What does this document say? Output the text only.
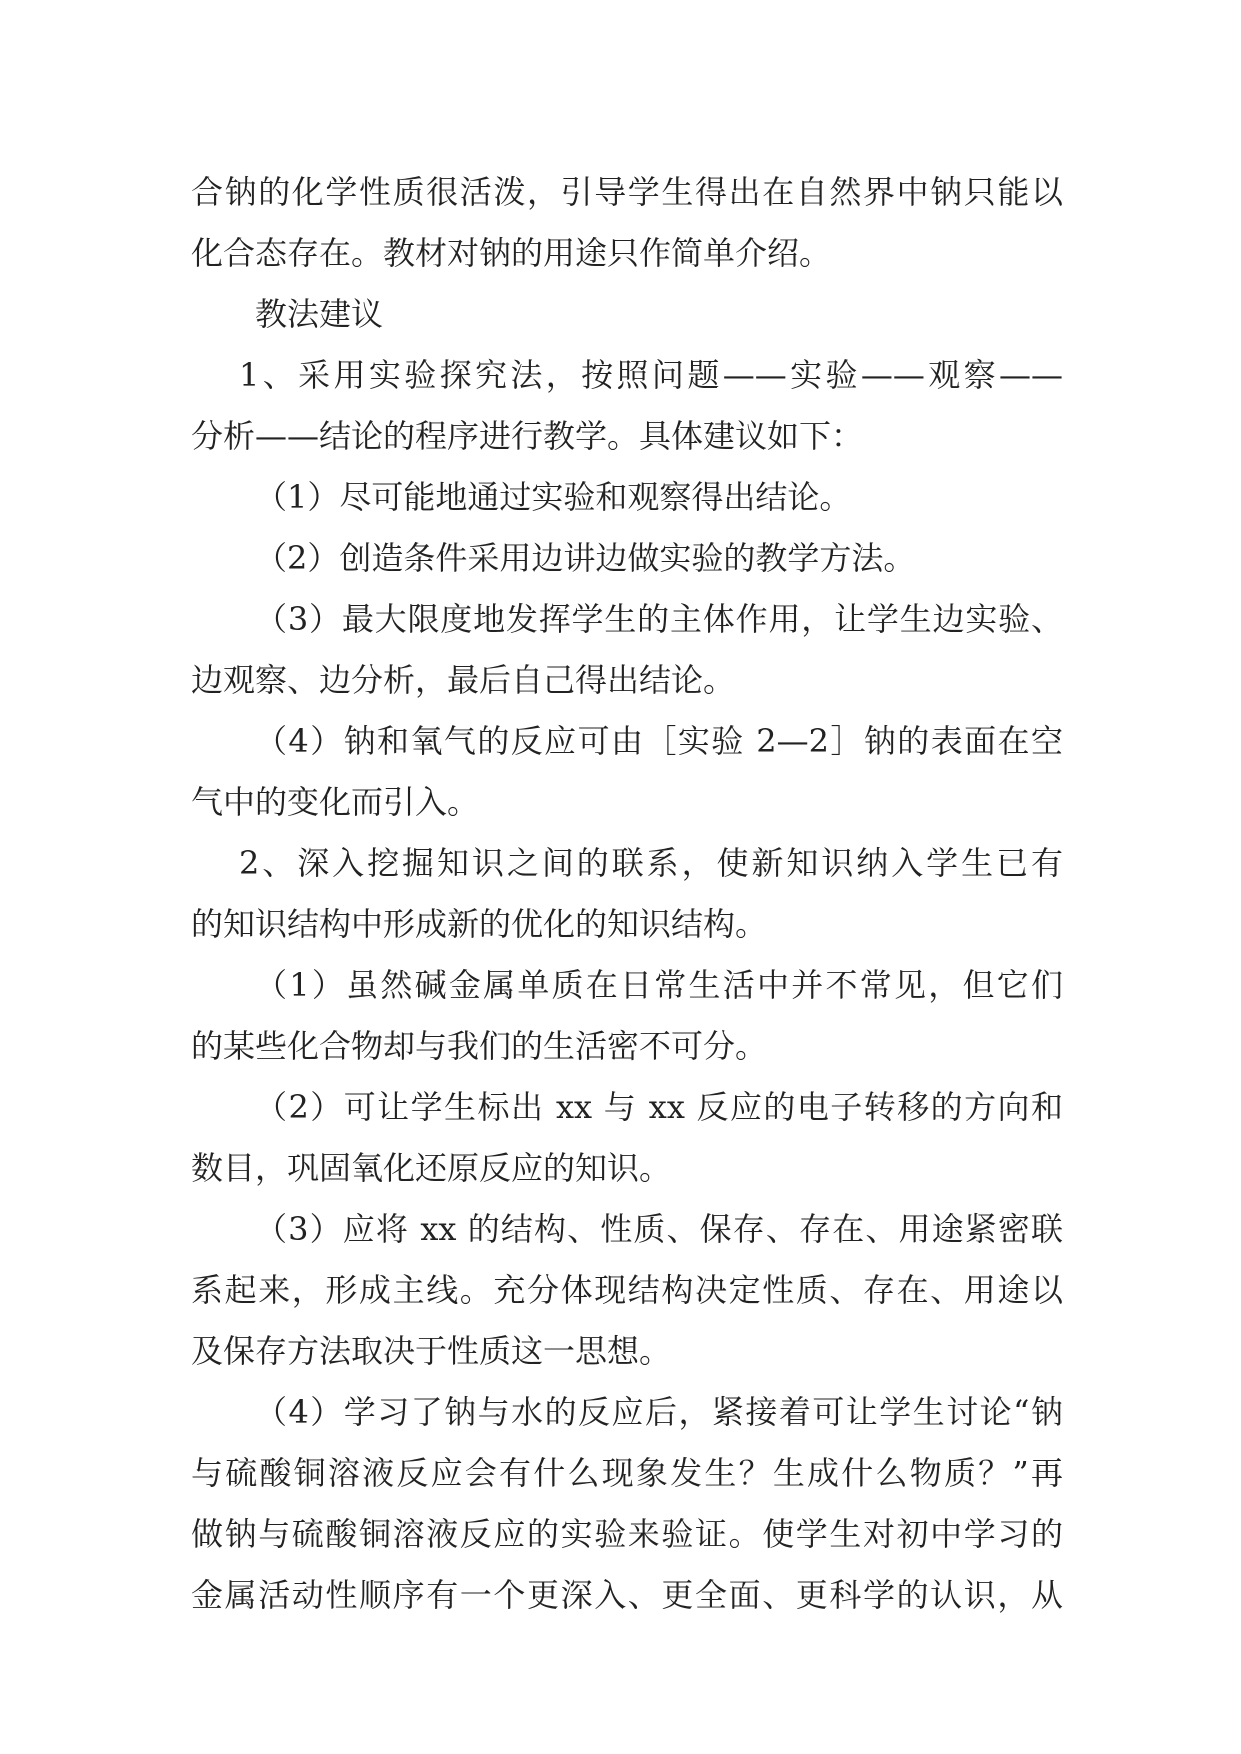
合钠的化学性质很活泼，引导学生得出在自然界中钠只能以
化合态存在。教材对钠的用途只作简单介绍。
教法建议
1、采用实验探究法，按照问题——实验——观察——
分析——结论的程序进行教学。具体建议如下：
（1）尽可能地通过实验和观察得出结论。
（2）创造条件采用边讲边做实验的教学方法。
（3）最大限度地发挥学生的主体作用，让学生边实验、
边观察、边分析，最后自己得出结论。
（4）钠和氧气的反应可由［实验 2—2］钠的表面在空
气中的变化而引入。
2、深入挖掘知识之间的联系，使新知识纳入学生已有
的知识结构中形成新的优化的知识结构。
（1）虽然碱金属单质在日常生活中并不常见，但它们
的某些化合物却与我们的生活密不可分。
（2）可让学生标出 xx 与 xx 反应的电子转移的方向和
数目，巩固氧化还原反应的知识。
（3）应将 xx 的结构、性质、保存、存在、用途紧密联
系起来，形成主线。充分体现结构决定性质、存在、用途以
及保存方法取决于性质这一思想。
（4）学习了钠与水的反应后，紧接着可让学生讨论“钠
与硫酸铜溶液反应会有什么现象发生？生成什么物质？”再
做钠与硫酸铜溶液反应的实验来验证。使学生对初中学习的
金属活动性顺序有一个更深入、更全面、更科学的认识，从
